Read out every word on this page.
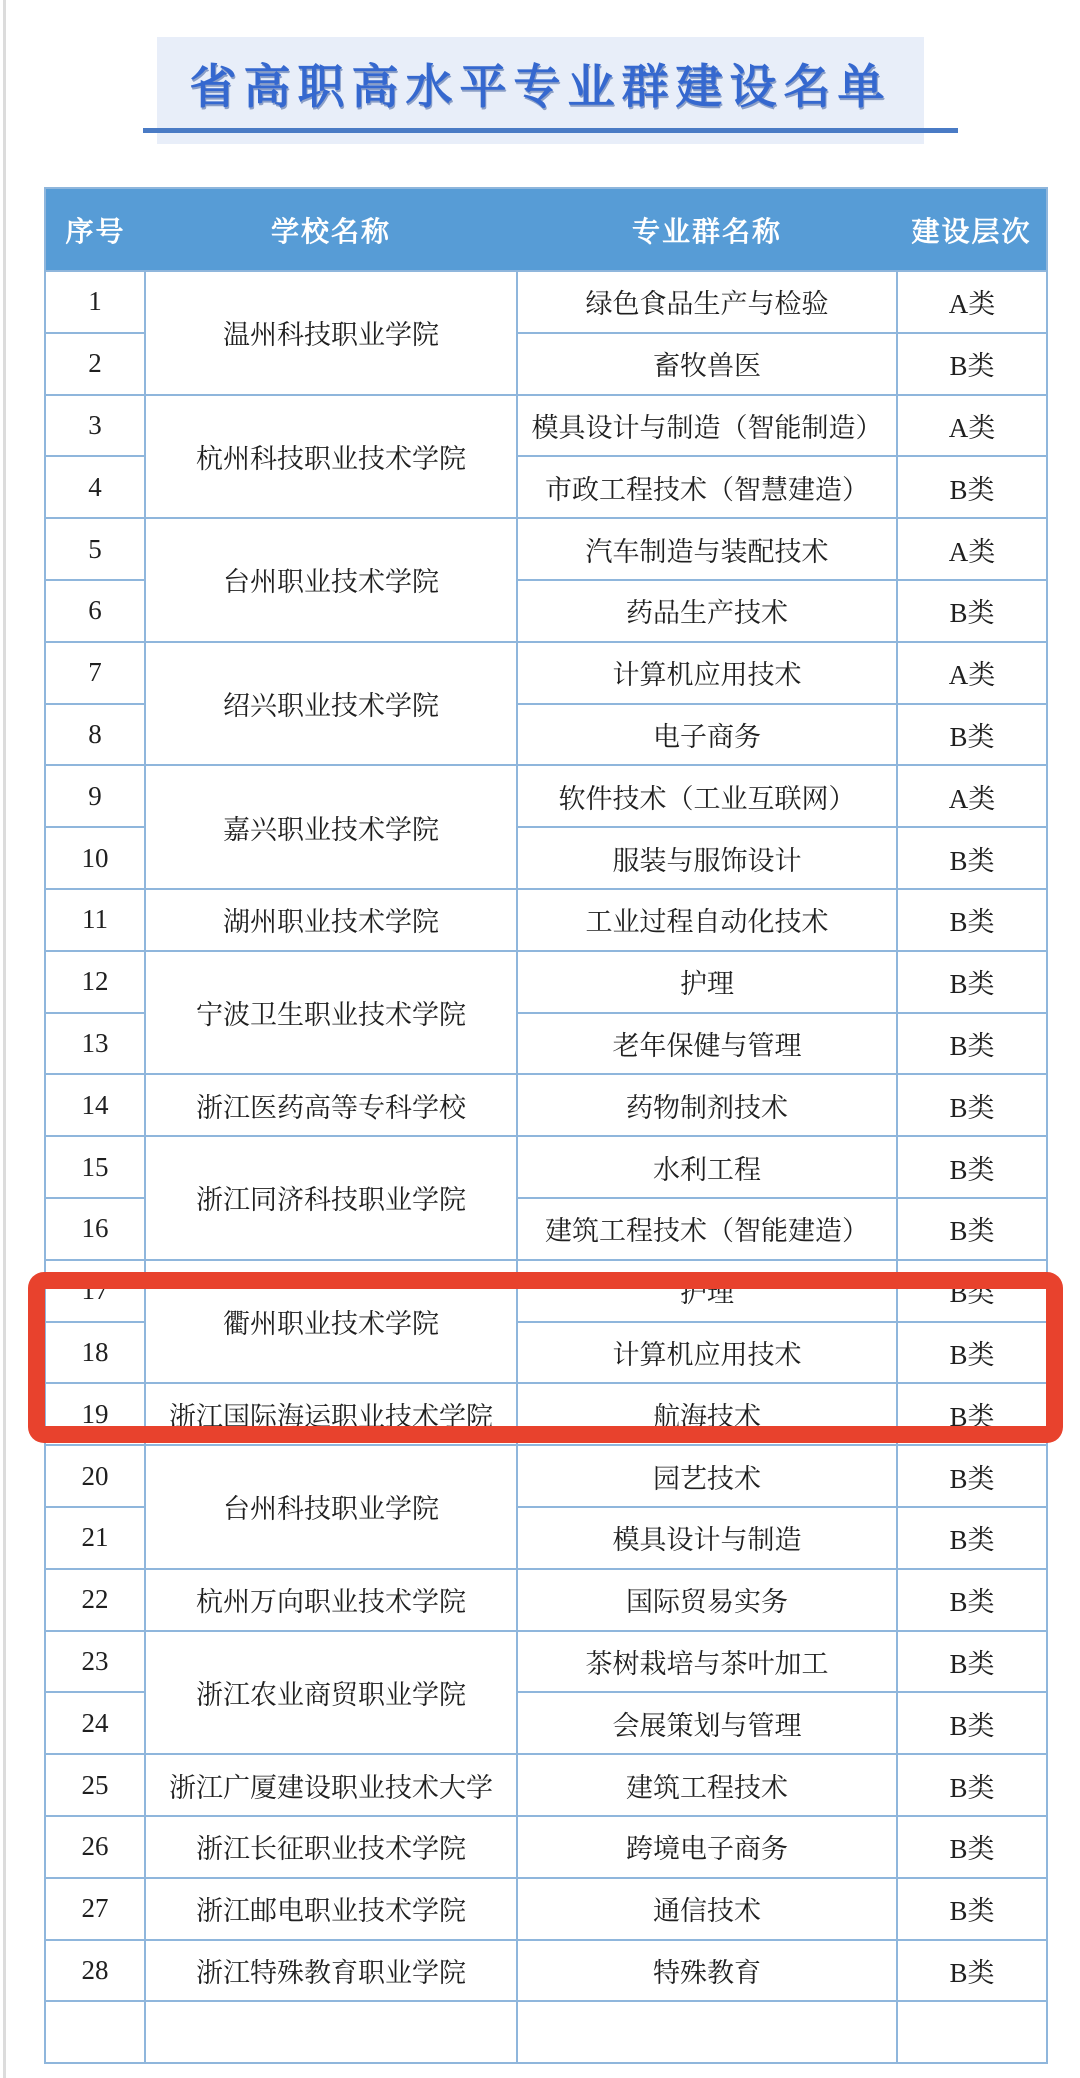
省高职高水平专业群建设名单
序号	学校名称	专业群名称	建设层次
1	温州科技职业学院	绿色食品生产与检验	A类
2		畜牧兽医	B类
3	杭州科技职业技术学院	模具设计与制造（智能制造）	A类
4		市政工程技术（智慧建造）	B类
5	台州职业技术学院	汽车制造与装配技术	A类
6		药品生产技术	B类
7	绍兴职业技术学院	计算机应用技术	A类
8		电子商务	B类
9	嘉兴职业技术学院	软件技术（工业互联网）	A类
10		服装与服饰设计	B类
11	湖州职业技术学院	工业过程自动化技术	B类
12	宁波卫生职业技术学院	护理	B类
13		老年保健与管理	B类
14	浙江医药高等专科学校	药物制剂技术	B类
15	浙江同济科技职业学院	水利工程	B类
16		建筑工程技术（智能建造）	B类
17	衢州职业技术学院	护理	B类
18		计算机应用技术	B类
19	浙江国际海运职业技术学院	航海技术	B类
20	台州科技职业学院	园艺技术	B类
21		模具设计与制造	B类
22	杭州万向职业技术学院	国际贸易实务	B类
23	浙江农业商贸职业学院	茶树栽培与茶叶加工	B类
24		会展策划与管理	B类
25	浙江广厦建设职业技术大学	建筑工程技术	B类
26	浙江长征职业技术学院	跨境电子商务	B类
27	浙江邮电职业技术学院	通信技术	B类
28	浙江特殊教育职业学院	特殊教育	B类
